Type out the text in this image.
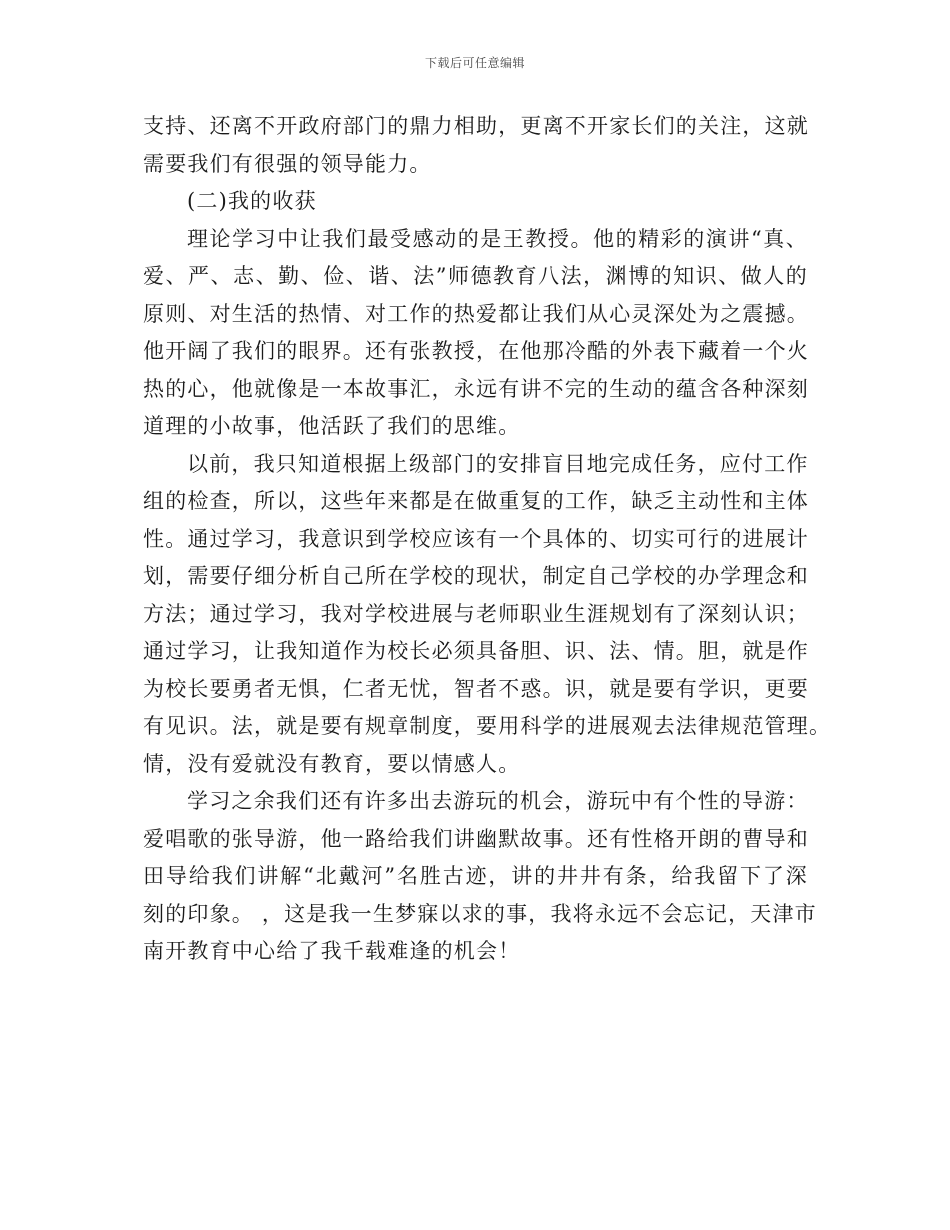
下载后可任意编辑
支持、还离不开政府部门的鼎力相助，更离不开家长们的关注，这就
需要我们有很强的领导能力。
(二)我的收获
理论学习中让我们最受感动的是王教授。他的精彩的演讲“真、
爱、严、志、勤、俭、谐、法”师德教育八法，渊博的知识、做人的
原则、对生活的热情、对工作的热爱都让我们从心灵深处为之震撼。
他开阔了我们的眼界。还有张教授，在他那冷酷的外表下藏着一个火
热的心，他就像是一本故事汇，永远有讲不完的生动的蕴含各种深刻
道理的小故事，他活跃了我们的思维。
以前，我只知道根据上级部门的安排盲目地完成任务，应付工作
组的检查，所以，这些年来都是在做重复的工作，缺乏主动性和主体
性。通过学习，我意识到学校应该有一个具体的、切实可行的进展计
划，需要仔细分析自己所在学校的现状，制定自己学校的办学理念和
方法；通过学习，我对学校进展与老师职业生涯规划有了深刻认识；
通过学习，让我知道作为校长必须具备胆、识、法、情。胆，就是作
为校长要勇者无惧，仁者无忧，智者不惑。识，就是要有学识，更要
有见识。法，就是要有规章制度，要用科学的进展观去法律规范管理。
情，没有爱就没有教育，要以情感人。
学习之余我们还有许多出去游玩的机会，游玩中有个性的导游：
爱唱歌的张导游，他一路给我们讲幽默故事。还有性格开朗的曹导和
田导给我们讲解“北戴河”名胜古迹，讲的井井有条，给我留下了深
刻的印象。 ，这是我一生梦寐以求的事，我将永远不会忘记，天津市
南开教育中心给了我千载难逢的机会！
